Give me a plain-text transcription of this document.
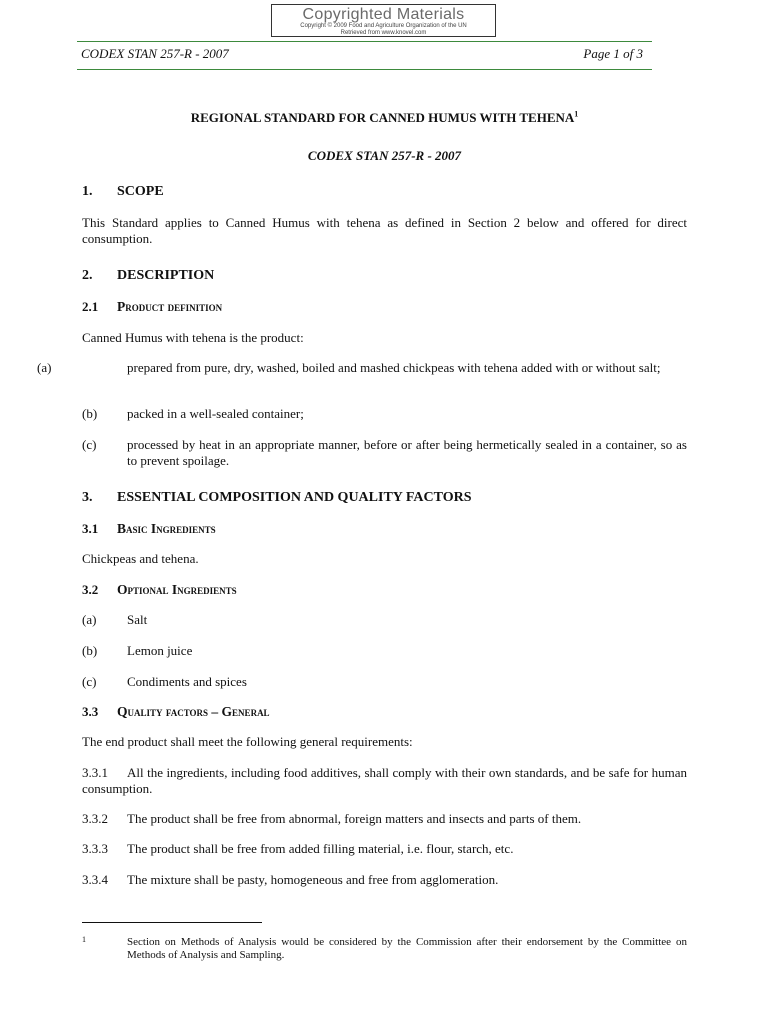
Copyrighted Materials
Copyright © 2009 Food and Agriculture Organization of the UN
Retrieved from www.knovel.com
CODEX STAN 257-R - 2007	Page 1 of 3
REGIONAL STANDARD FOR CANNED HUMUS WITH TEHENA$^1$
CODEX STAN 257-R - 2007
1. SCOPE
This Standard applies to Canned Humus with tehena as defined in Section 2 below and offered for direct consumption.
2. DESCRIPTION
2.1 Product definition
Canned Humus with tehena is the product:
(a)	prepared from pure, dry, washed, boiled and mashed chickpeas with tehena added with or without salt;
(b) packed in a well-sealed container;
(c) processed by heat in an appropriate manner, before or after being hermetically sealed in a container, so as to prevent spoilage.
3. ESSENTIAL COMPOSITION AND QUALITY FACTORS
3.1 Basic Ingredients
Chickpeas and tehena.
3.2 Optional Ingredients
(a) Salt
(b) Lemon juice
(c) Condiments and spices
3.3 Quality factors – General
The end product shall meet the following general requirements:
3.3.1 All the ingredients, including food additives, shall comply with their own standards, and be safe for human consumption.
3.3.2 The product shall be free from abnormal, foreign matters and insects and parts of them.
3.3.3 The product shall be free from added filling material, i.e. flour, starch, etc.
3.3.4 The mixture shall be pasty, homogeneous and free from agglomeration.
1	Section on Methods of Analysis would be considered by the Commission after their endorsement by the Committee on Methods of Analysis and Sampling.
